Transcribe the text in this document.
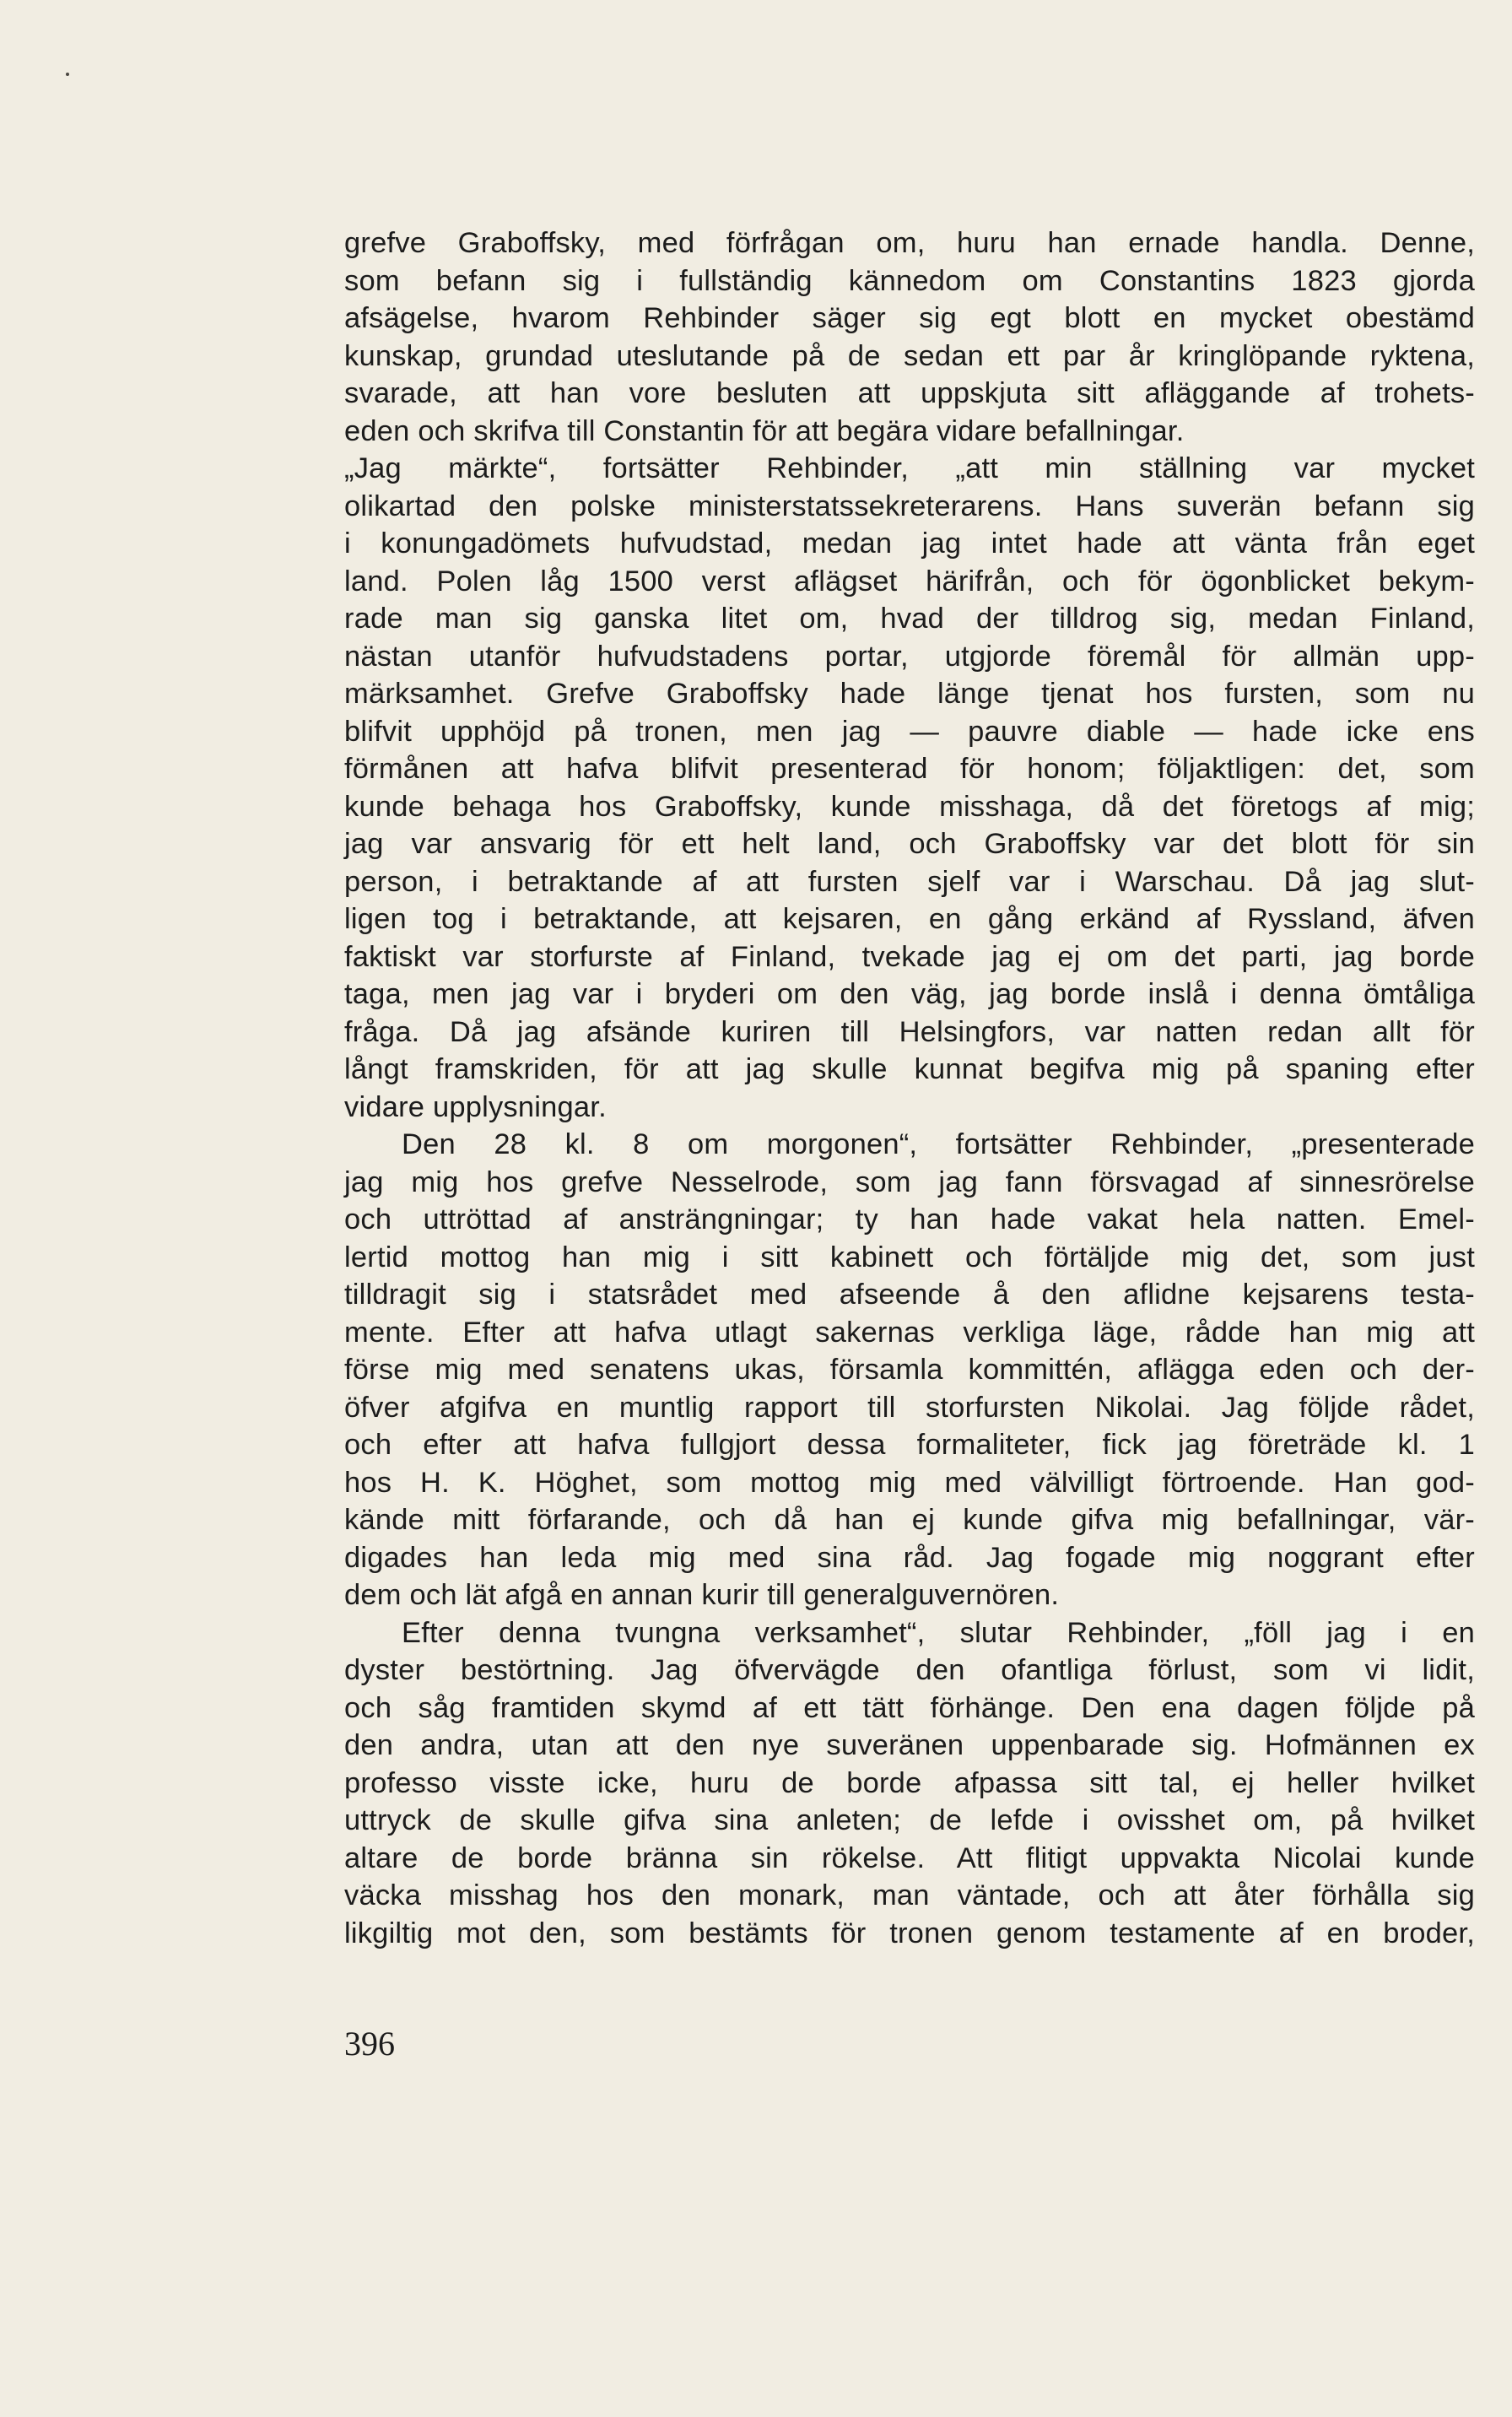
grefve Graboffsky, med förfrågan om, huru han ernade handla. Denne,
som befann sig i fullständig kännedom om Constantins 1823 gjorda
afsägelse, hvarom Rehbinder säger sig egt blott en mycket obestämd
kunskap, grundad uteslutande på de sedan ett par år kringlöpande ryktena,
svarade, att han vore besluten att uppskjuta sitt afläggande af trohets-
eden och skrifva till Constantin för att begära vidare befallningar.
„Jag märkte“, fortsätter Rehbinder, „att min ställning var mycket
olikartad den polske ministerstatssekreterarens. Hans suverän befann sig
i konungadömets hufvudstad, medan jag intet hade att vänta från eget
land. Polen låg 1500 verst aflägset härifrån, och för ögonblicket bekym-
rade man sig ganska litet om, hvad der tilldrog sig, medan Finland,
nästan utanför hufvudstadens portar, utgjorde föremål för allmän upp-
märksamhet. Grefve Graboffsky hade länge tjenat hos fursten, som nu
blifvit upphöjd på tronen, men jag — pauvre diable — hade icke ens
förmånen att hafva blifvit presenterad för honom; följaktligen: det, som
kunde behaga hos Graboffsky, kunde misshaga, då det företogs af mig;
jag var ansvarig för ett helt land, och Graboffsky var det blott för sin
person, i betraktande af att fursten sjelf var i Warschau. Då jag slut-
ligen tog i betraktande, att kejsaren, en gång erkänd af Ryssland, äfven
faktiskt var storfurste af Finland, tvekade jag ej om det parti, jag borde
taga, men jag var i bryderi om den väg, jag borde inslå i denna ömtåliga
fråga. Då jag afsände kuriren till Helsingfors, var natten redan allt för
långt framskriden, för att jag skulle kunnat begifva mig på spaning efter
vidare upplysningar.
Den 28 kl. 8 om morgonen“, fortsätter Rehbinder, „presenterade
jag mig hos grefve Nesselrode, som jag fann försvagad af sinnesrörelse
och uttröttad af ansträngningar; ty han hade vakat hela natten. Emel-
lertid mottog han mig i sitt kabinett och förtäljde mig det, som just
tilldragit sig i statsrådet med afseende å den aflidne kejsarens testa-
mente. Efter att hafva utlagt sakernas verkliga läge, rådde han mig att
förse mig med senatens ukas, församla kommittén, aflägga eden och der-
öfver afgifva en muntlig rapport till storfursten Nikolai. Jag följde rådet,
och efter att hafva fullgjort dessa formaliteter, fick jag företräde kl. 1
hos H. K. Höghet, som mottog mig med välvilligt förtroende. Han god-
kände mitt förfarande, och då han ej kunde gifva mig befallningar, vär-
digades han leda mig med sina råd. Jag fogade mig noggrant efter
dem och lät afgå en annan kurir till generalguvernören.
Efter denna tvungna verksamhet“, slutar Rehbinder, „föll jag i en
dyster bestörtning. Jag öfvervägde den ofantliga förlust, som vi lidit,
och såg framtiden skymd af ett tätt förhänge. Den ena dagen följde på
den andra, utan att den nye suveränen uppenbarade sig. Hofmännen ex
professo visste icke, huru de borde afpassa sitt tal, ej heller hvilket
uttryck de skulle gifva sina anleten; de lefde i ovisshet om, på hvilket
altare de borde bränna sin rökelse. Att flitigt uppvakta Nicolai kunde
väcka misshag hos den monark, man väntade, och att åter förhålla sig
likgiltig mot den, som bestämts för tronen genom testamente af en broder,
396
